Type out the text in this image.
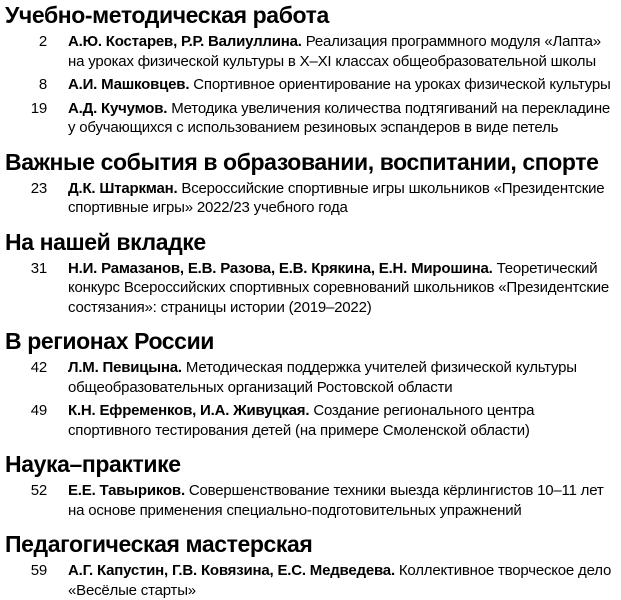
Учебно-методическая работа
2 А.Ю. Костарев, Р.Р. Валиуллина. Реализация программного модуля «Лапта» на уроках физической культуры в X–XI классах общеобразовательной школы
8 А.И. Машковцев. Спортивное ориентирование на уроках физической культуры
19 А.Д. Кучумов. Методика увеличения количества подтягиваний на перекладине у обучающихся с использованием резиновых эспандеров в виде петель
Важные события в образовании, воспитании, спорте
23 Д.К. Штаркман. Всероссийские спортивные игры школьников «Президентские спортивные игры» 2022/23 учебного года
На нашей вкладке
31 Н.И. Рамазанов, Е.В. Разова, Е.В. Крякина, Е.Н. Мирошина. Теоретический конкурс Всероссийских спортивных соревнований школьников «Президентские состязания»: страницы истории (2019–2022)
В регионах России
42 Л.М. Певицына. Методическая поддержка учителей физической культуры общеобразовательных организаций Ростовской области
49 К.Н. Ефременков, И.А. Живуцкая. Создание регионального центра спортивного тестирования детей (на примере Смоленской области)
Наука–практике
52 Е.Е. Тавыриков. Совершенствование техники выезда кёрлингистов 10–11 лет на основе применения специально-подготовительных упражнений
Педагогическая мастерская
59 А.Г. Капустин, Г.В. Ковязина, Е.С. Медведева. Коллективное творческое дело «Весёлые старты»
